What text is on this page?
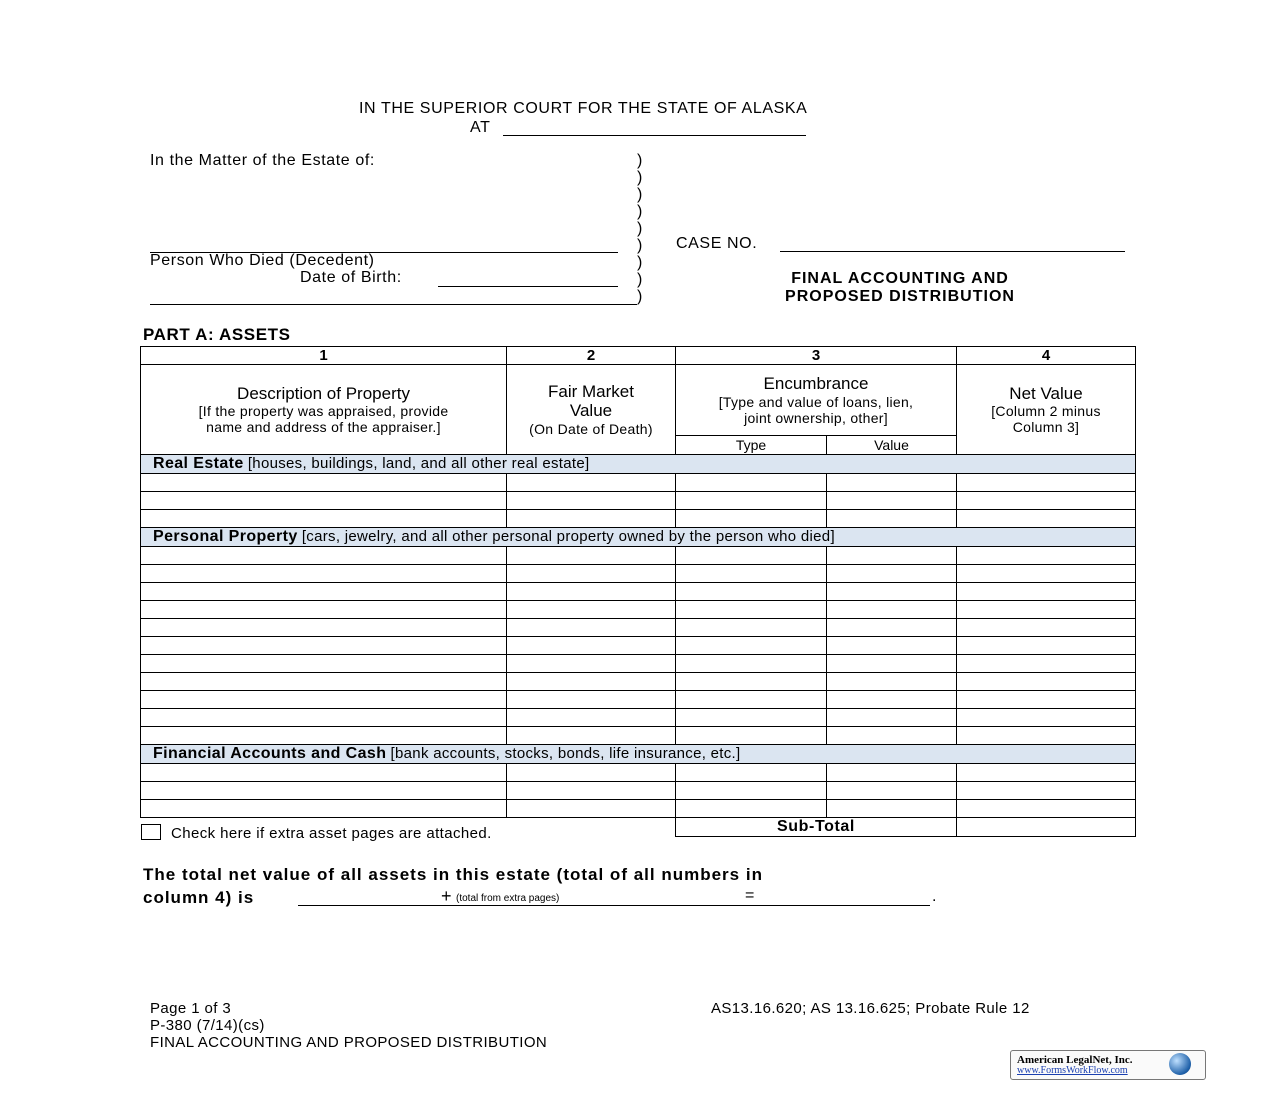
IN THE SUPERIOR COURT FOR THE STATE OF ALASKA
AT
In the Matter of the Estate of:
Person Who Died (Decedent)
Date of Birth:
)
)
)
)
)
)
)
)
)
CASE NO.
FINAL ACCOUNTING AND
PROPOSED DISTRIBUTION
PART A: ASSETS
1	2	3		4

Description of Property
[If the property was appraised, provide
name and address of the appraiser.]	Fair Market
Value
(On Date of Death)	Encumbrance
[Type and value of loans, lien,
joint ownership, other]		Net Value
[Column 2 minus
Column 3]

		Type	Value	
Real Estate [houses, buildings, land, and all other real estate]				

Personal Property [cars, jewelry, and all other personal property owned by the person who died]				

Financial Accounts and Cash [bank accounts, stocks, bonds, life insurance, etc.]				

		Sub-Total		
Check here if extra asset pages are attached.
The total net value of all assets in this estate (total of all numbers in
column 4) is	+ (total from extra pages)	=	.
Page 1 of 3
P-380 (7/14)(cs)
FINAL ACCOUNTING AND PROPOSED DISTRIBUTION
AS13.16.620; AS 13.16.625; Probate Rule 12
American LegalNet, Inc.
www.FormsWorkFlow.com
